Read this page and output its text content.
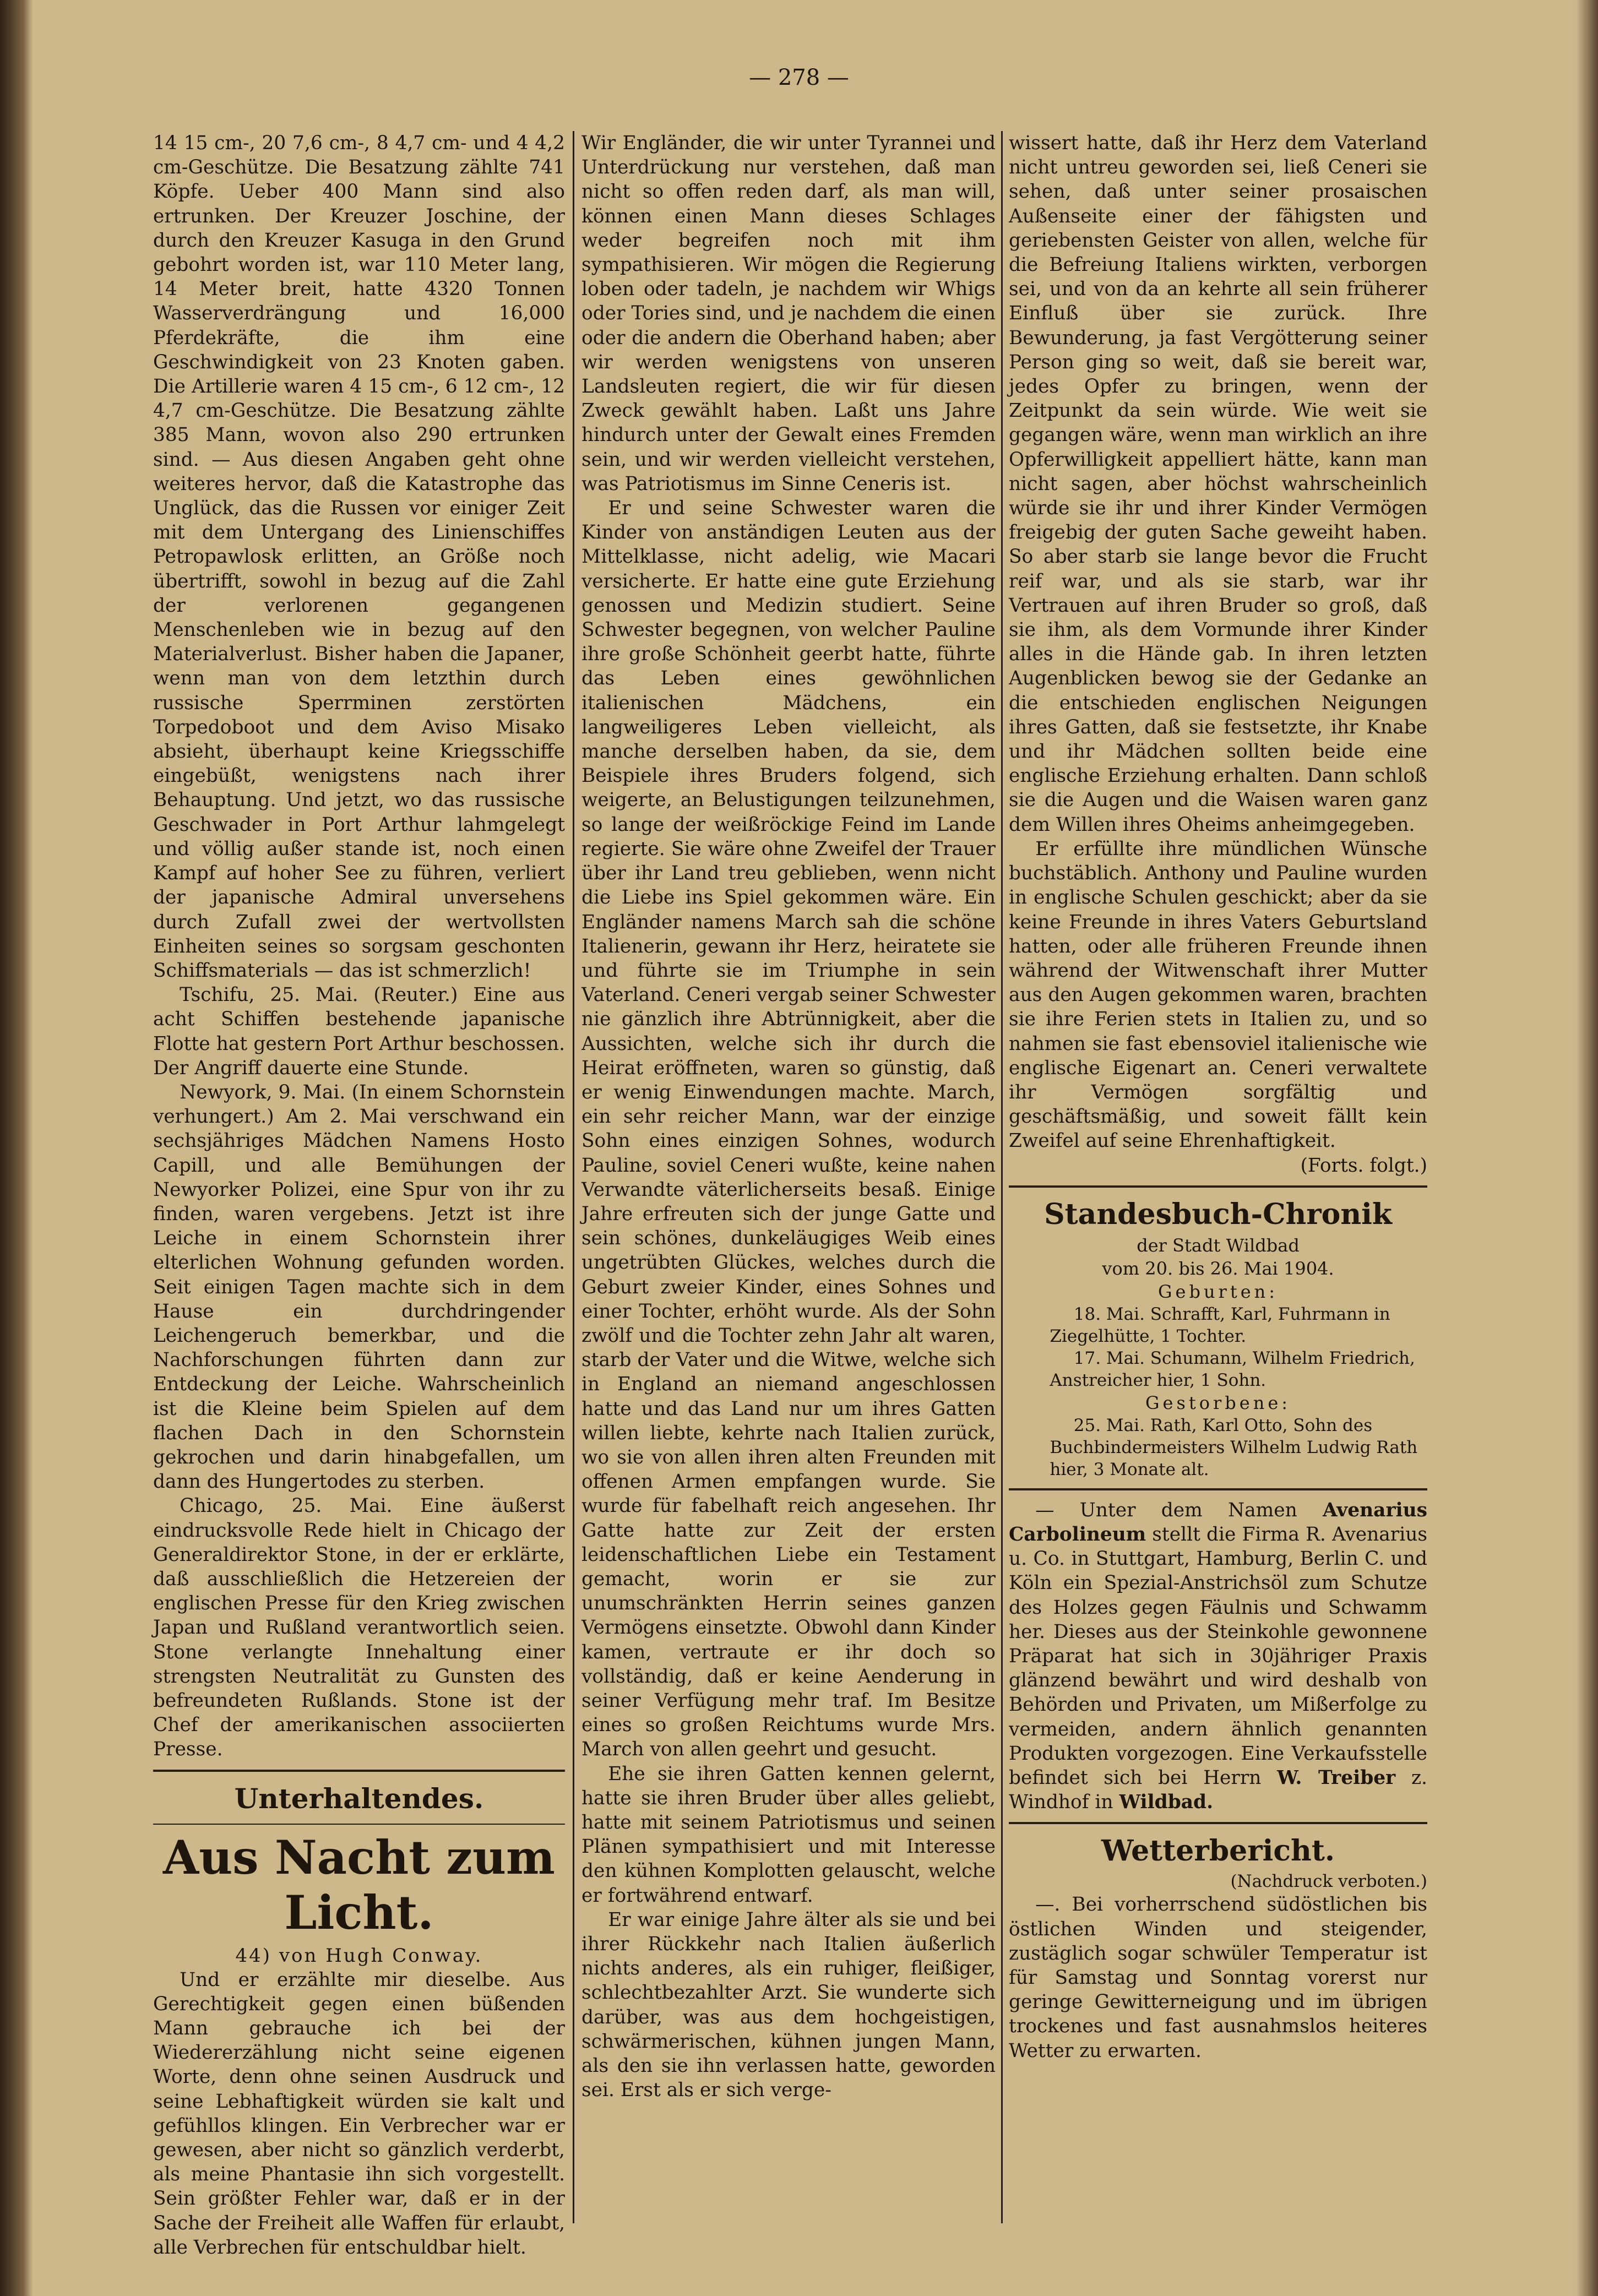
— 278 —

14 15 cm-, 20 7,6 cm-, 8 4,7 cm- und 4 4,2 cm-Geschütze. Die Besatzung zählte 741 Köpfe. Ueber 400 Mann sind also ertrunken. Der Kreuzer Joschine, der durch den Kreuzer Kasuga in den Grund gebohrt worden ist, war 110 Meter lang, 14 Meter breit, hatte 4320 Tonnen Wasserverdrängung und 16,000 Pferdekräfte, die ihm eine Geschwindigkeit von 23 Knoten gaben. Die Artillerie waren 4 15 cm-, 6 12 cm-, 12 4,7 cm-Geschütze. Die Besatzung zählte 385 Mann, wovon also 290 ertrunken sind. — Aus diesen Angaben geht ohne weiteres hervor, daß die Katastrophe das Unglück, das die Russen vor einiger Zeit mit dem Untergang des Linienschiffes Petropawlosk erlitten, an Größe noch übertrifft, sowohl in bezug auf die Zahl der verlorenen gegangenen Menschenleben wie in bezug auf den Materialverlust. Bisher haben die Japaner, wenn man von dem letzthin durch russische Sperrminen zerstörten Torpedoboot und dem Aviso Misako absieht, überhaupt keine Kriegsschiffe eingebüßt, wenigstens nach ihrer Behauptung. Und jetzt, wo das russische Geschwader in Port Arthur lahmgelegt und völlig außer stande ist, noch einen Kampf auf hoher See zu führen, verliert der japanische Admiral unversehens durch Zufall zwei der wertvollsten Einheiten seines so sorgsam geschonten Schiffsmaterials — das ist schmerzlich!

Tschifu, 25. Mai. (Reuter.) Eine aus acht Schiffen bestehende japanische Flotte hat gestern Port Arthur beschossen. Der Angriff dauerte eine Stunde.

Newyork, 9. Mai. (In einem Schornstein verhungert.) Am 2. Mai verschwand ein sechsjähriges Mädchen Namens Hosto Capill, und alle Bemühungen der Newyorker Polizei, eine Spur von ihr zu finden, waren vergebens. Jetzt ist ihre Leiche in einem Schornstein ihrer elterlichen Wohnung gefunden worden. Seit einigen Tagen machte sich in dem Hause ein durchdringender Leichengeruch bemerkbar, und die Nachforschungen führten dann zur Entdeckung der Leiche. Wahrscheinlich ist die Kleine beim Spielen auf dem flachen Dach in den Schornstein gekrochen und darin hinabgefallen, um dann des Hungertodes zu sterben.

Chicago, 25. Mai. Eine äußerst eindrucksvolle Rede hielt in Chicago der Generaldirektor Stone, in der er erklärte, daß ausschließlich die Hetzereien der englischen Presse für den Krieg zwischen Japan und Rußland verantwortlich seien. Stone verlangte Innehaltung einer strengsten Neutralität zu Gunsten des befreundeten Rußlands. Stone ist der Chef der amerikanischen associierten Presse.

Unterhaltendes.
Aus Nacht zum Licht.
44) von Hugh Conway.

Und er erzählte mir dieselbe. Aus Gerechtigkeit gegen einen büßenden Mann gebrauche ich bei der Wiedererzählung nicht seine eigenen Worte, denn ohne seinen Ausdruck und seine Lebhaftigkeit würden sie kalt und gefühllos klingen. Ein Verbrecher war er gewesen, aber nicht so gänzlich verderbt, als meine Phantasie ihn sich vorgestellt. Sein größter Fehler war, daß er in der Sache der Freiheit alle Waffen für erlaubt, alle Verbrechen für entschuldbar hielt.

Wir Engländer, die wir unter Tyrannei und Unterdrückung nur verstehen, daß man nicht so offen reden darf, als man will, können einen Mann dieses Schlages weder begreifen noch mit ihm sympathisieren. Wir mögen die Regierung loben oder tadeln, je nachdem wir Whigs oder Tories sind, und je nachdem die einen oder die andern die Oberhand haben; aber wir werden wenigstens von unseren Landsleuten regiert, die wir für diesen Zweck gewählt haben. Laßt uns Jahre hindurch unter der Gewalt eines Fremden sein, und wir werden vielleicht verstehen, was Patriotismus im Sinne Ceneris ist.

Er und seine Schwester waren die Kinder von anständigen Leuten aus der Mittelklasse, nicht adelig, wie Macari versicherte. Er hatte eine gute Erziehung genossen und Medizin studiert. Seine Schwester begegnen, von welcher Pauline ihre große Schönheit geerbt hatte, führte das Leben eines gewöhnlichen italienischen Mädchens, ein langweiligeres Leben vielleicht, als manche derselben haben, da sie, dem Beispiele ihres Bruders folgend, sich weigerte, an Belustigungen teilzunehmen, so lange der weißröckige Feind im Lande regierte. Sie wäre ohne Zweifel der Trauer über ihr Land treu geblieben, wenn nicht die Liebe ins Spiel gekommen wäre. Ein Engländer namens March sah die schöne Italienerin, gewann ihr Herz, heiratete sie und führte sie im Triumphe in sein Vaterland. Ceneri vergab seiner Schwester nie gänzlich ihre Abtrünnigkeit, aber die Aussichten, welche sich ihr durch die Heirat eröffneten, waren so günstig, daß er wenig Einwendungen machte. March, ein sehr reicher Mann, war der einzige Sohn eines einzigen Sohnes, wodurch Pauline, soviel Ceneri wußte, keine nahen Verwandte väterlicherseits besaß. Einige Jahre erfreuten sich der junge Gatte und sein schönes, dunkeläugiges Weib eines ungetrübten Glückes, welches durch die Geburt zweier Kinder, eines Sohnes und einer Tochter, erhöht wurde. Als der Sohn zwölf und die Tochter zehn Jahr alt waren, starb der Vater und die Witwe, welche sich in England an niemand angeschlossen hatte und das Land nur um ihres Gatten willen liebte, kehrte nach Italien zurück, wo sie von allen ihren alten Freunden mit offenen Armen empfangen wurde. Sie wurde für fabelhaft reich angesehen. Ihr Gatte hatte zur Zeit der ersten leidenschaftlichen Liebe ein Testament gemacht, worin er sie zur unumschränkten Herrin seines ganzen Vermögens einsetzte. Obwohl dann Kinder kamen, vertraute er ihr doch so vollständig, daß er keine Aenderung in seiner Verfügung mehr traf. Im Besitze eines so großen Reichtums wurde Mrs. March von allen geehrt und gesucht.

Ehe sie ihren Gatten kennen gelernt, hatte sie ihren Bruder über alles geliebt, hatte mit seinem Patriotismus und seinen Plänen sympathisiert und mit Interesse den kühnen Komplotten gelauscht, welche er fortwährend entwarf.

Er war einige Jahre älter als sie und bei ihrer Rückkehr nach Italien äußerlich nichts anderes, als ein ruhiger, fleißiger, schlechtbezahlter Arzt. Sie wunderte sich darüber, was aus dem hochgeistigen, schwärmerischen, kühnen jungen Mann, als den sie ihn verlassen hatte, geworden sei. Erst als er sich verge-

wissert hatte, daß ihr Herz dem Vaterland nicht untreu geworden sei, ließ Ceneri sie sehen, daß unter seiner prosaischen Außenseite einer der fähigsten und geriebensten Geister von allen, welche für die Befreiung Italiens wirkten, verborgen sei, und von da an kehrte all sein früherer Einfluß über sie zurück. Ihre Bewunderung, ja fast Vergötterung seiner Person ging so weit, daß sie bereit war, jedes Opfer zu bringen, wenn der Zeitpunkt da sein würde. Wie weit sie gegangen wäre, wenn man wirklich an ihre Opferwilligkeit appelliert hätte, kann man nicht sagen, aber höchst wahrscheinlich würde sie ihr und ihrer Kinder Vermögen freigebig der guten Sache geweiht haben. So aber starb sie lange bevor die Frucht reif war, und als sie starb, war ihr Vertrauen auf ihren Bruder so groß, daß sie ihm, als dem Vormunde ihrer Kinder alles in die Hände gab. In ihren letzten Augenblicken bewog sie der Gedanke an die entschieden englischen Neigungen ihres Gatten, daß sie festsetzte, ihr Knabe und ihr Mädchen sollten beide eine englische Erziehung erhalten. Dann schloß sie die Augen und die Waisen waren ganz dem Willen ihres Oheims anheimgegeben.

Er erfüllte ihre mündlichen Wünsche buchstäblich. Anthony und Pauline wurden in englische Schulen geschickt; aber da sie keine Freunde in ihres Vaters Geburtsland hatten, oder alle früheren Freunde ihnen während der Witwenschaft ihrer Mutter aus den Augen gekommen waren, brachten sie ihre Ferien stets in Italien zu, und so nahmen sie fast ebensoviel italienische wie englische Eigenart an. Ceneri verwaltete ihr Vermögen sorgfältig und geschäftsmäßig, und soweit fällt kein Zweifel auf seine Ehrenhaftigkeit.
(Forts. folgt.)

Standesbuch-Chronik
der Stadt Wildbad
vom 20. bis 26. Mai 1904.
Geburten:

18. Mai. Schrafft, Karl, Fuhrmann in Ziegelhütte, 1 Tochter.

17. Mai. Schumann, Wilhelm Friedrich, Anstreicher hier, 1 Sohn.

Gestorbene:

25. Mai. Rath, Karl Otto, Sohn des Buchbindermeisters Wilhelm Ludwig Rath hier, 3 Monate alt.

— Unter dem Namen Avenarius Carbolineum stellt die Firma R. Avenarius u. Co. in Stuttgart, Hamburg, Berlin C. und Köln ein Spezial-Anstrichsöl zum Schutze des Holzes gegen Fäulnis und Schwamm her. Dieses aus der Steinkohle gewonnene Präparat hat sich in 30jähriger Praxis glänzend bewährt und wird deshalb von Behörden und Privaten, um Mißerfolge zu vermeiden, andern ähnlich genannten Produkten vorgezogen. Eine Verkaufsstelle befindet sich bei Herrn W. Treiber z. Windhof in Wildbad.

Wetterbericht.
(Nachdruck verboten.)

—. Bei vorherrschend südöstlichen bis östlichen Winden und steigender, zustäglich sogar schwüler Temperatur ist für Samstag und Sonntag vorerst nur geringe Gewitterneigung und im übrigen trockenes und fast ausnahmslos heiteres Wetter zu erwarten.
